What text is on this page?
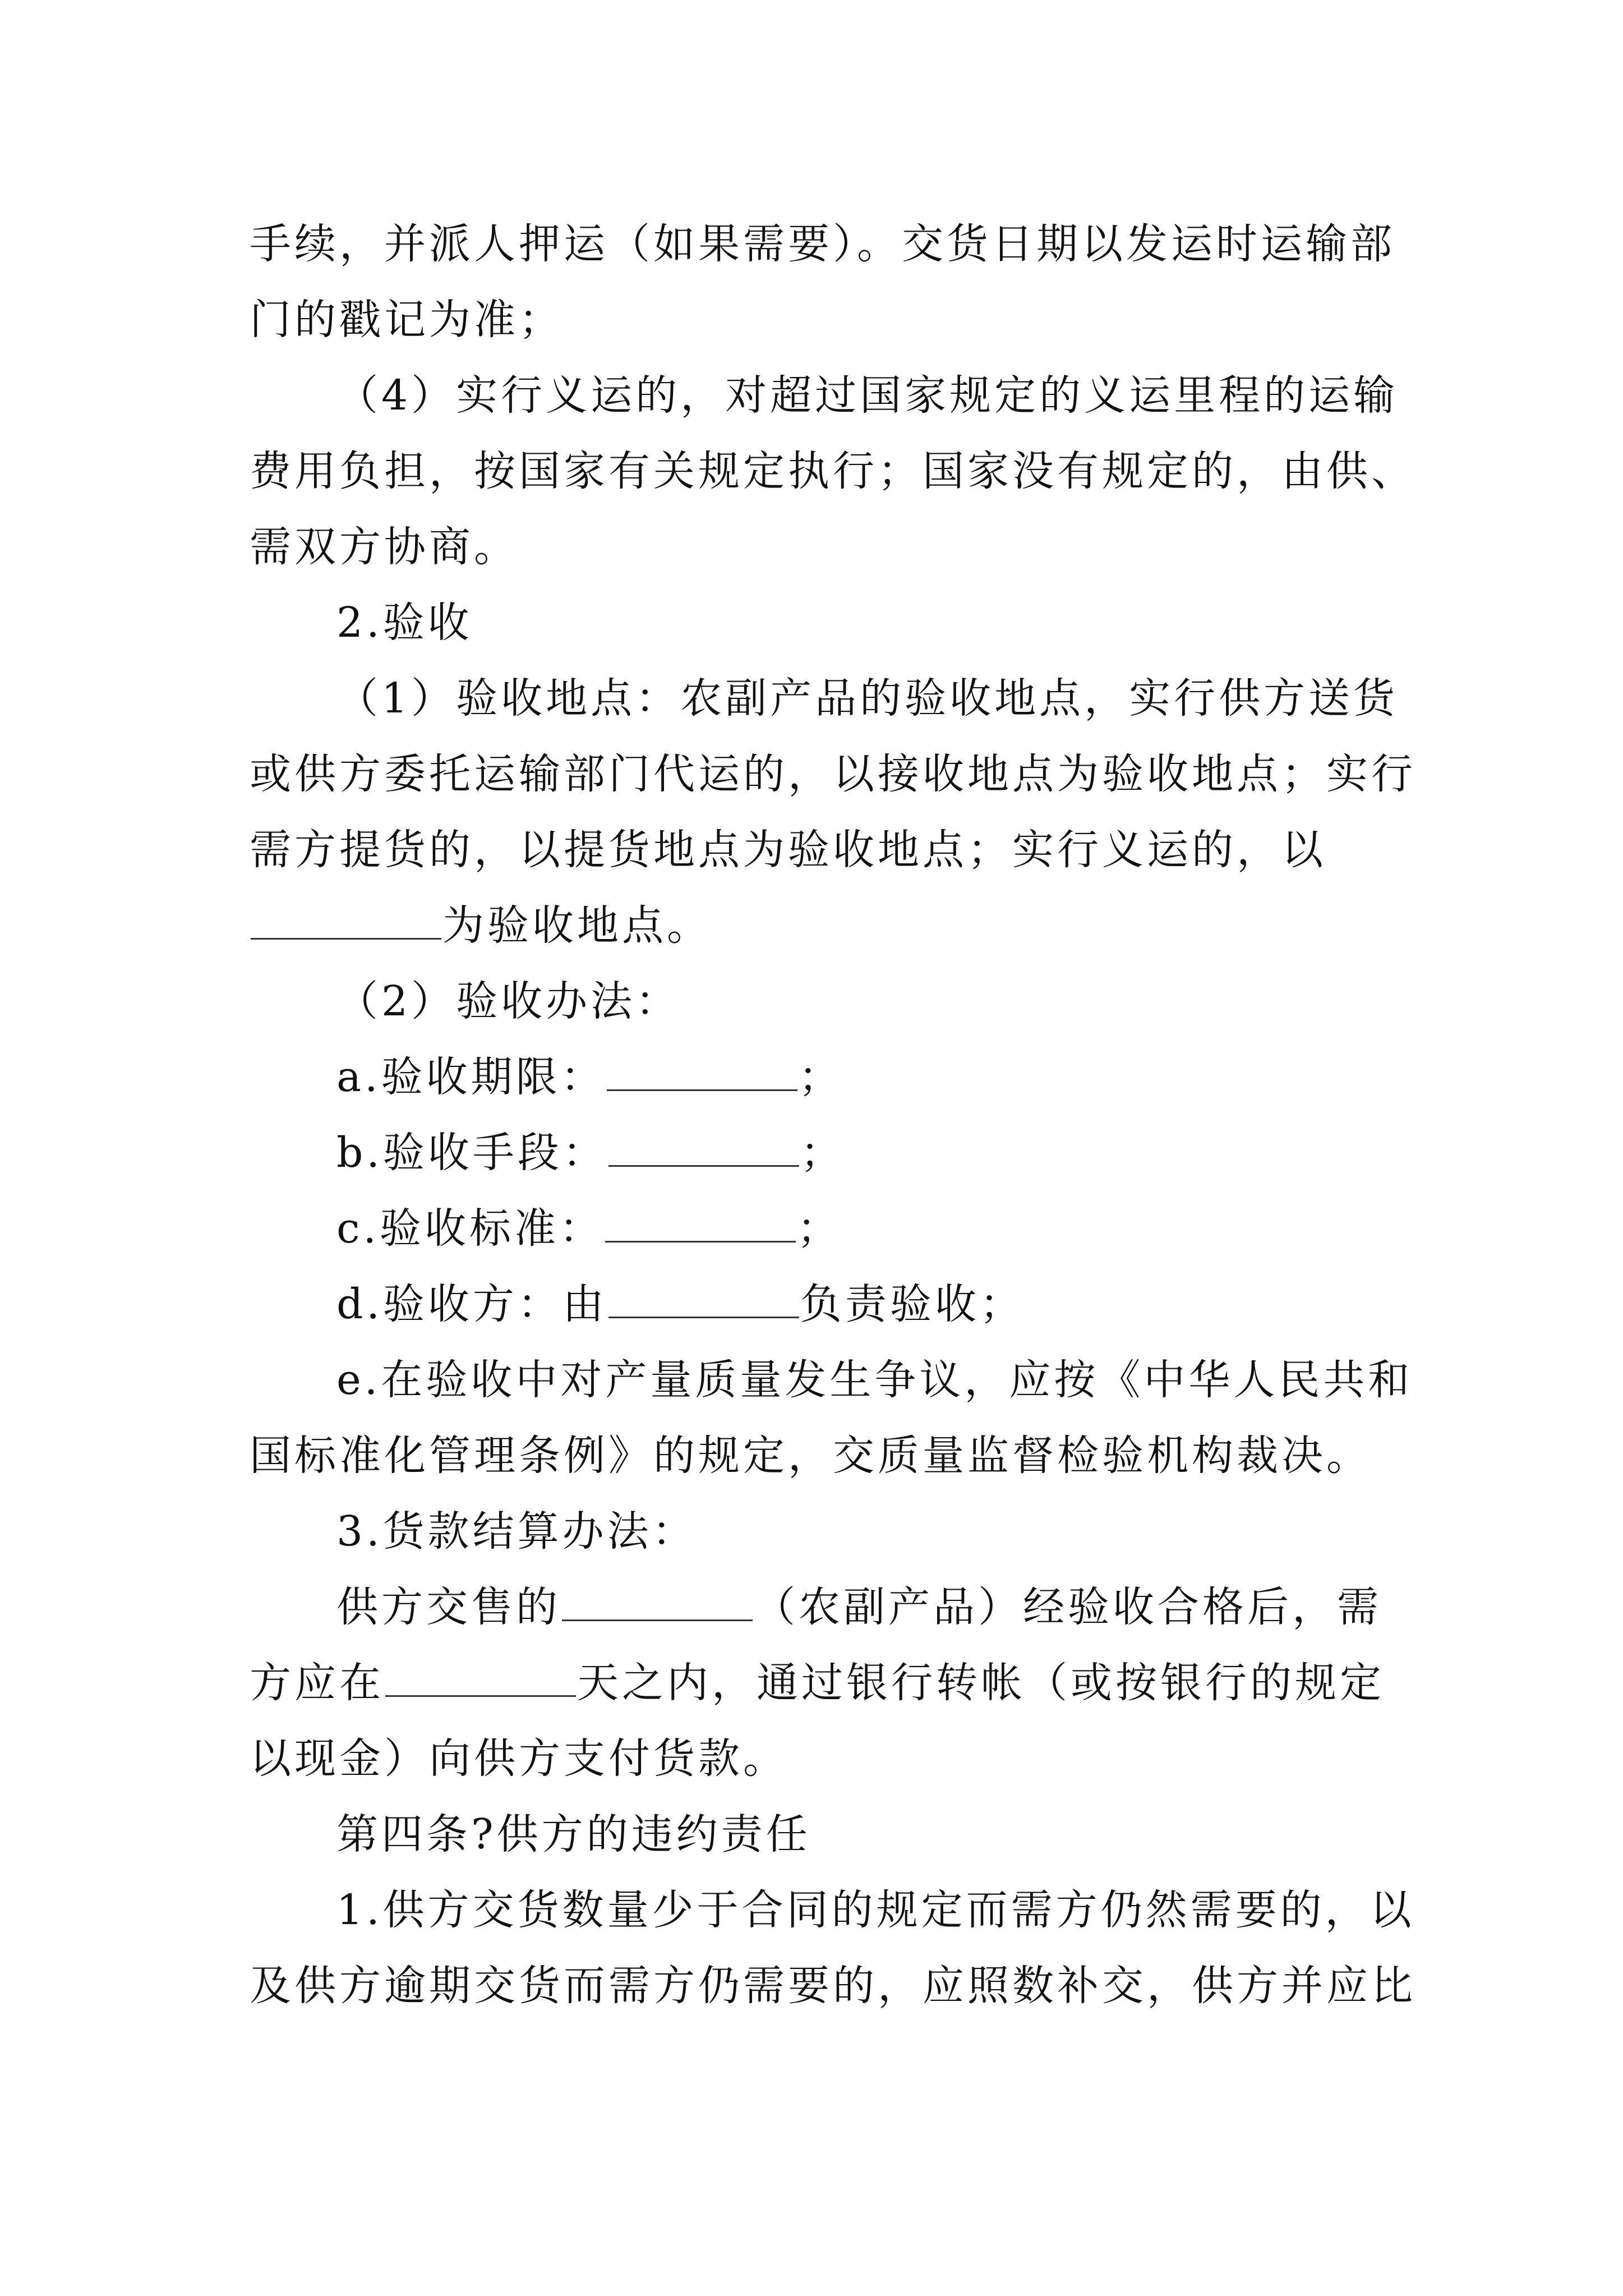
手续，并派人押运（如果需要）。交货日期以发运时运输部
门的戳记为准；
（4）实行义运的，对超过国家规定的义运里程的运输
费用负担，按国家有关规定执行；国家没有规定的，由供、
需双方协商。
2.验收
（1）验收地点：农副产品的验收地点，实行供方送货
或供方委托运输部门代运的，以接收地点为验收地点；实行
需方提货的，以提货地点为验收地点；实行义运的，以
为验收地点。
（2）验收办法：
a.验收期限：	；
b.验收手段：	；
c.验收标准：	；
d.验收方：由	负责验收；
e.在验收中对产量质量发生争议，应按《中华人民共和
国标准化管理条例》的规定，交质量监督检验机构裁决。
3.货款结算办法：
供方交售的	（农副产品）经验收合格后，需
方应在	天之内，通过银行转帐（或按银行的规定
以现金）向供方支付货款。
第四条?供方的违约责任
1.供方交货数量少于合同的规定而需方仍然需要的，以
及供方逾期交货而需方仍需要的，应照数补交，供方并应比
